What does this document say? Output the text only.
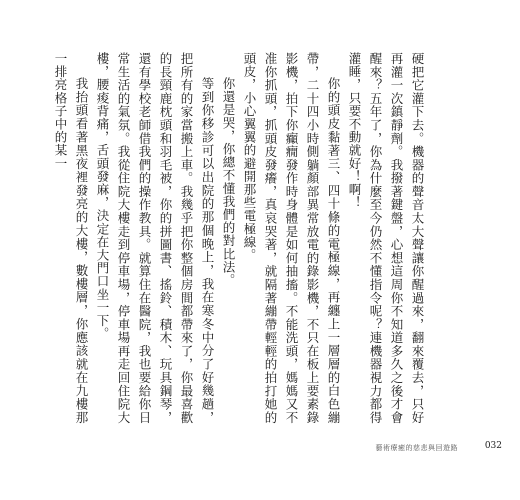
硬把它灌下去。機器的聲音太大聲讓你醒過來，翻來覆去，只好再灌一次鎮靜劑。我撥著鍵盤，心想這周你不知道多久之後才會醒來？五年了，你為什麼至今仍然不懂指令呢？連機器視力都得灌睡，只要不動就好！啊！

你的頭皮黏著三、四十條的電極線，再纏上一層層的白色繃帶，二十四小時側躺顏部異常放電的錄影機，不只在板上要素錄影機，拍下你癲癇發作時身體是如何抽搐。不能洗頭，媽媽又不准你抓頭，抓頭皮發癢，真哀哭著，就隔著繃帶輕輕的拍打她的頭皮，小心翼翼的避開那些電極線。

你還是哭，你總不懂我們的對比法。

等到你移診可以出院的那個晚上，我在寒冬中分了好幾趟，把所有的家當搬上車。我幾乎把你整個房間都帶來了，你最喜歡的長頸鹿枕頭和羽毛被，你的拼圖書、搖鈴、積木、玩具鋼琴，還有學校老師借我們的操作教具。就算住在醫院，我也要給你日常生活的氣氛。我從住院大樓走到停車場，停車場再走回住院大樓，腰痠背痛，舌頭發麻，決定在大門口坐一下。

我抬頭看著黑夜裡發亮的大樓，數樓層，你應該就在九樓那一排亮格子中的某一

藝術療癒的慈悲與回遊路	032
